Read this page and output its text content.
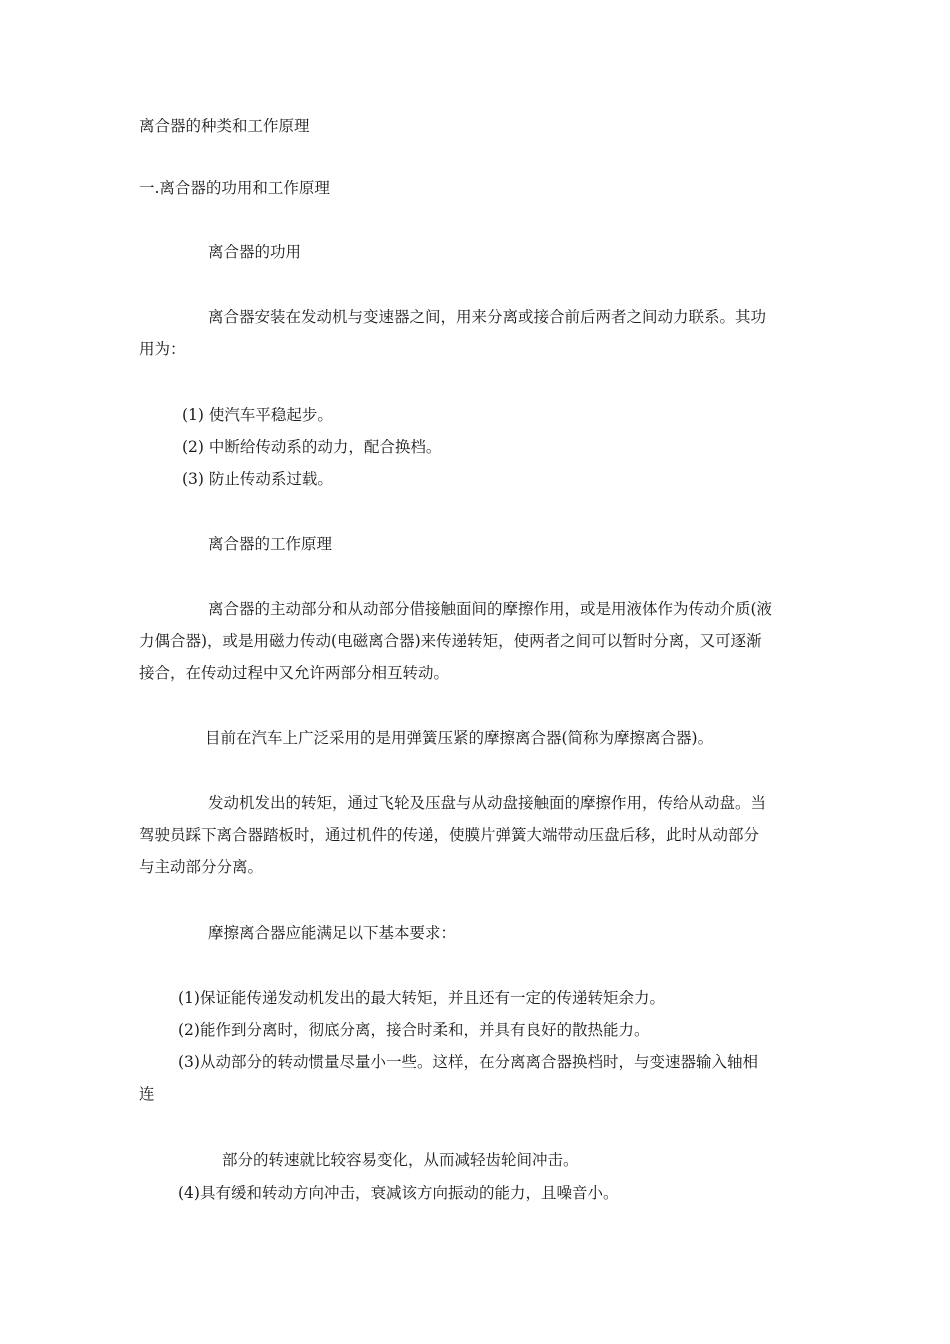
离合器的种类和工作原理

一.离合器的功用和工作原理

离合器的功用

离合器安装在发动机与变速器之间，用来分离或接合前后两者之间动力联系。其功

用为：

(1) 使汽车平稳起步。

(2) 中断给传动系的动力，配合换档。

(3) 防止传动系过载。

离合器的工作原理

离合器的主动部分和从动部分借接触面间的摩擦作用，或是用液体作为传动介质(液

力偶合器)，或是用磁力传动(电磁离合器)来传递转矩，使两者之间可以暂时分离，又可逐渐

接合，在传动过程中又允许两部分相互转动。

目前在汽车上广泛采用的是用弹簧压紧的摩擦离合器(简称为摩擦离合器)。

发动机发出的转矩，通过飞轮及压盘与从动盘接触面的摩擦作用，传给从动盘。当

驾驶员踩下离合器踏板时，通过机件的传递，使膜片弹簧大端带动压盘后移，此时从动部分

与主动部分分离。

摩擦离合器应能满足以下基本要求：

(1)保证能传递发动机发出的最大转矩，并且还有一定的传递转矩余力。

(2)能作到分离时，彻底分离，接合时柔和，并具有良好的散热能力。

(3)从动部分的转动惯量尽量小一些。这样，在分离离合器换档时，与变速器输入轴相

连

部分的转速就比较容易变化，从而减轻齿轮间冲击。

(4)具有缓和转动方向冲击，衰减该方向振动的能力，且噪音小。
